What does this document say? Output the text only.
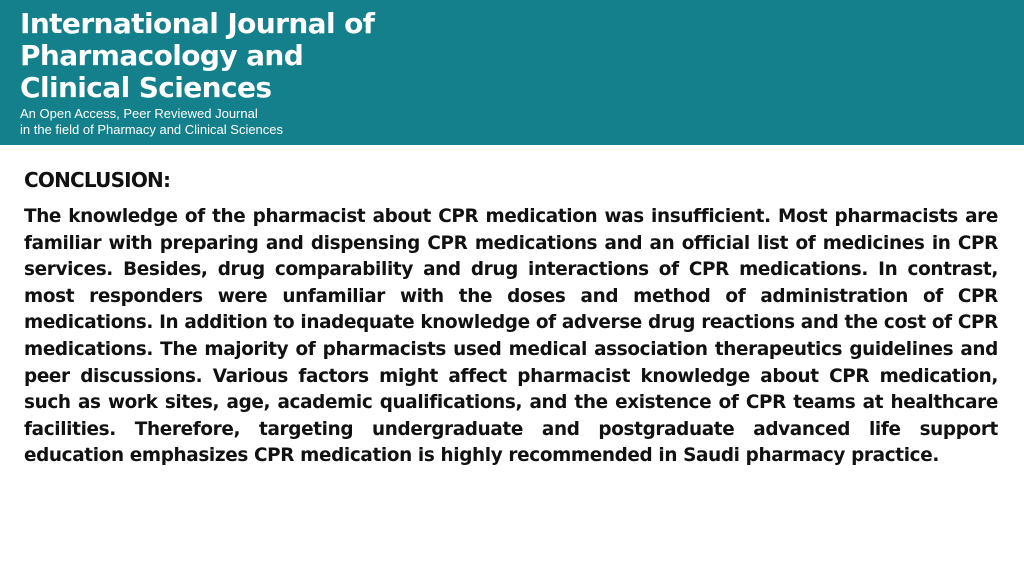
International Journal of
Pharmacology and
Clinical Sciences
An Open Access, Peer Reviewed Journal
in the field of Pharmacy and Clinical Sciences
CONCLUSION:

The knowledge of the pharmacist about CPR medication was insufficient. Most pharmacists are familiar with preparing and dispensing CPR medications and an official list of medicines in CPR services. Besides, drug comparability and drug interactions of CPR medications. In contrast, most responders were unfamiliar with the doses and method of administration of CPR medications. In addition to inadequate knowledge of adverse drug reactions and the cost of CPR medications. The majority of pharmacists used medical association therapeutics guidelines and peer discussions. Various factors might affect pharmacist knowledge about CPR medication, such as work sites, age, academic qualifications, and the existence of CPR teams at healthcare facilities. Therefore, targeting undergraduate and postgraduate advanced life support education emphasizes CPR medication is highly recommended in Saudi pharmacy practice.
